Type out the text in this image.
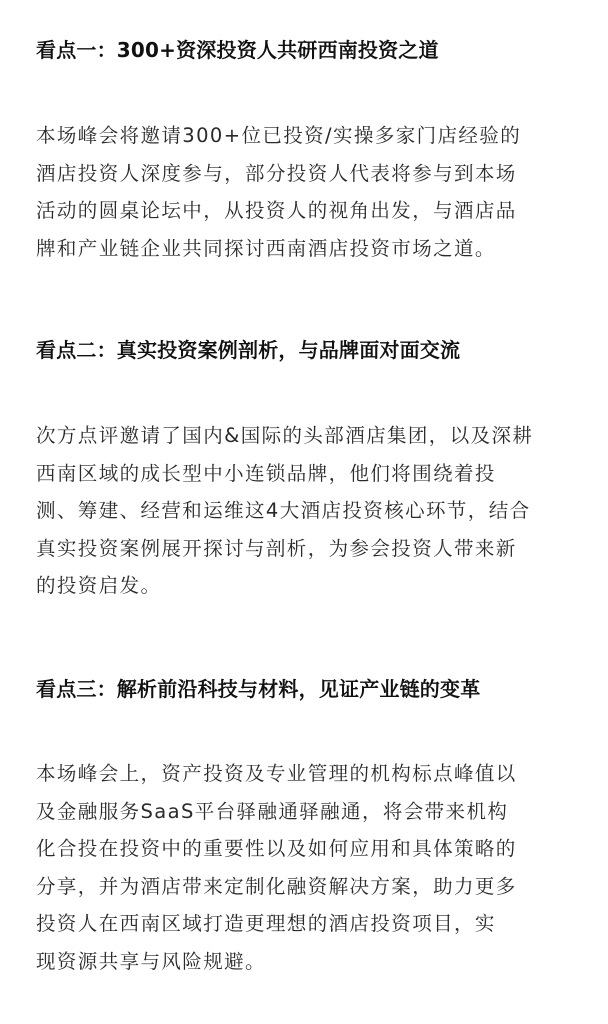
看点一：300+资深投资人共研西南投资之道
本场峰会将邀请300+位已投资/实操多家门店经验的
酒店投资人深度参与，部分投资人代表将参与到本场
活动的圆桌论坛中，从投资人的视角出发，与酒店品
牌和产业链企业共同探讨西南酒店投资市场之道。
看点二：真实投资案例剖析，与品牌面对面交流
次方点评邀请了国内&国际的头部酒店集团，以及深耕
西南区域的成长型中小连锁品牌，他们将围绕着投
测、筹建、经营和运维这4大酒店投资核心环节，结合
真实投资案例展开探讨与剖析，为参会投资人带来新
的投资启发。
看点三：解析前沿科技与材料，见证产业链的变革
本场峰会上，资产投资及专业管理的机构标点峰值以
及金融服务SaaS平台驿融通驿融通，将会带来机构
化合投在投资中的重要性以及如何应用和具体策略的
分享，并为酒店带来定制化融资解决方案，助力更多
投资人在西南区域打造更理想的酒店投资项目，实
现资源共享与风险规避。
